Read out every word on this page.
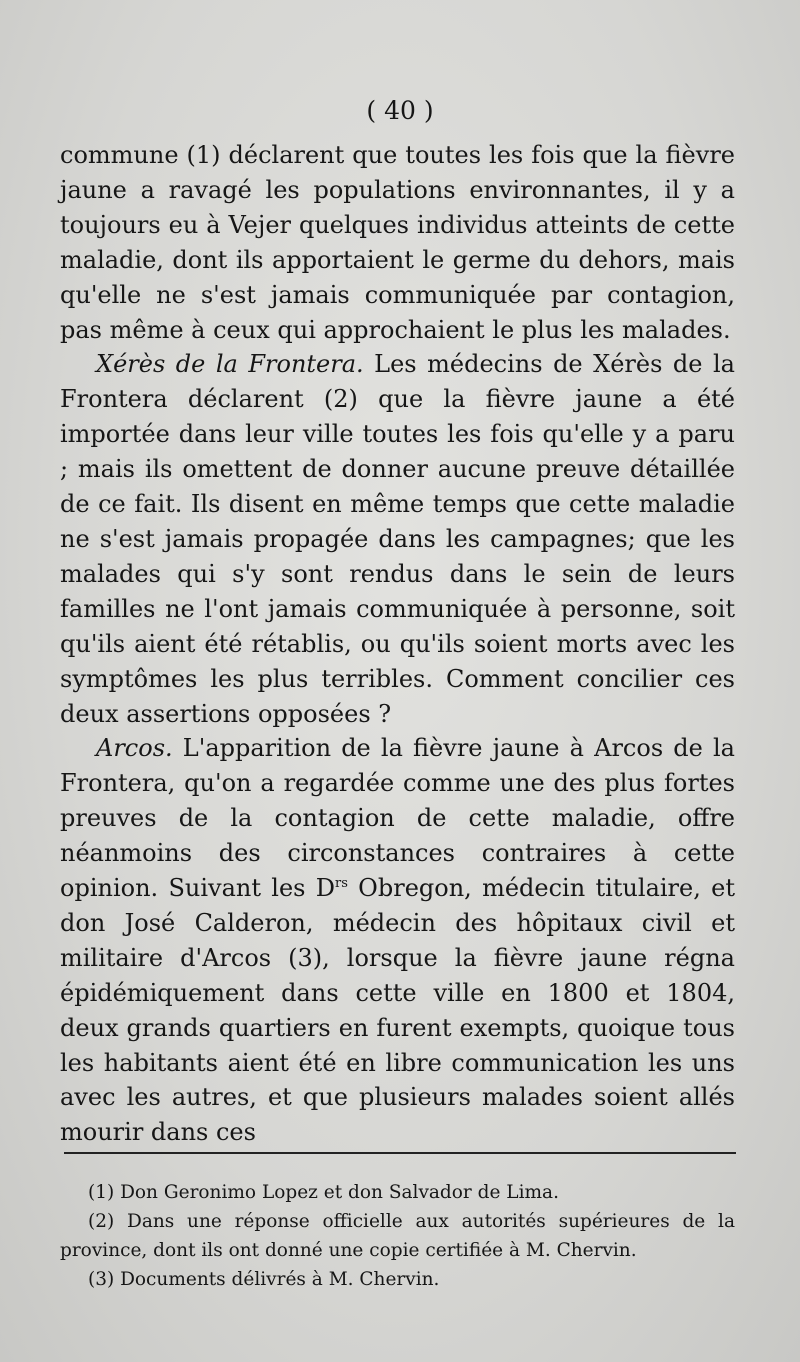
( 40 )

commune (1) déclarent que toutes les fois que la fièvre jaune a ravagé les populations environnantes, il y a toujours eu à Vejer quelques individus atteints de cette maladie, dont ils apportaient le germe du dehors, mais qu'elle ne s'est jamais communiquée par contagion, pas même à ceux qui approchaient le plus les malades.

Xérès de la Frontera. Les médecins de Xérès de la Frontera déclarent (2) que la fièvre jaune a été importée dans leur ville toutes les fois qu'elle y a paru ; mais ils omettent de donner aucune preuve détaillée de ce fait. Ils disent en même temps que cette maladie ne s'est jamais propagée dans les campagnes; que les malades qui s'y sont rendus dans le sein de leurs familles ne l'ont jamais communiquée à personne, soit qu'ils aient été rétablis, ou qu'ils soient morts avec les symptômes les plus terribles. Comment concilier ces deux assertions opposées ?

Arcos. L'apparition de la fièvre jaune à Arcos de la Frontera, qu'on a regardée comme une des plus fortes preuves de la contagion de cette maladie, offre néanmoins des circonstances contraires à cette opinion. Suivant les $D^{rs}$ Obregon, médecin titulaire, et don José Calderon, médecin des hôpitaux civil et militaire d'Arcos (3), lorsque la fièvre jaune régna épidémiquement dans cette ville en 1800 et 1804, deux grands quartiers en furent exempts, quoique tous les habitants aient été en libre communication les uns avec les autres, et que plusieurs malades soient allés mourir dans ces

(1) Don Geronimo Lopez et don Salvador de Lima.

(2) Dans une réponse officielle aux autorités supérieures de la province, dont ils ont donné une copie certifiée à M. Chervin.

(3) Documents délivrés à M. Chervin.
